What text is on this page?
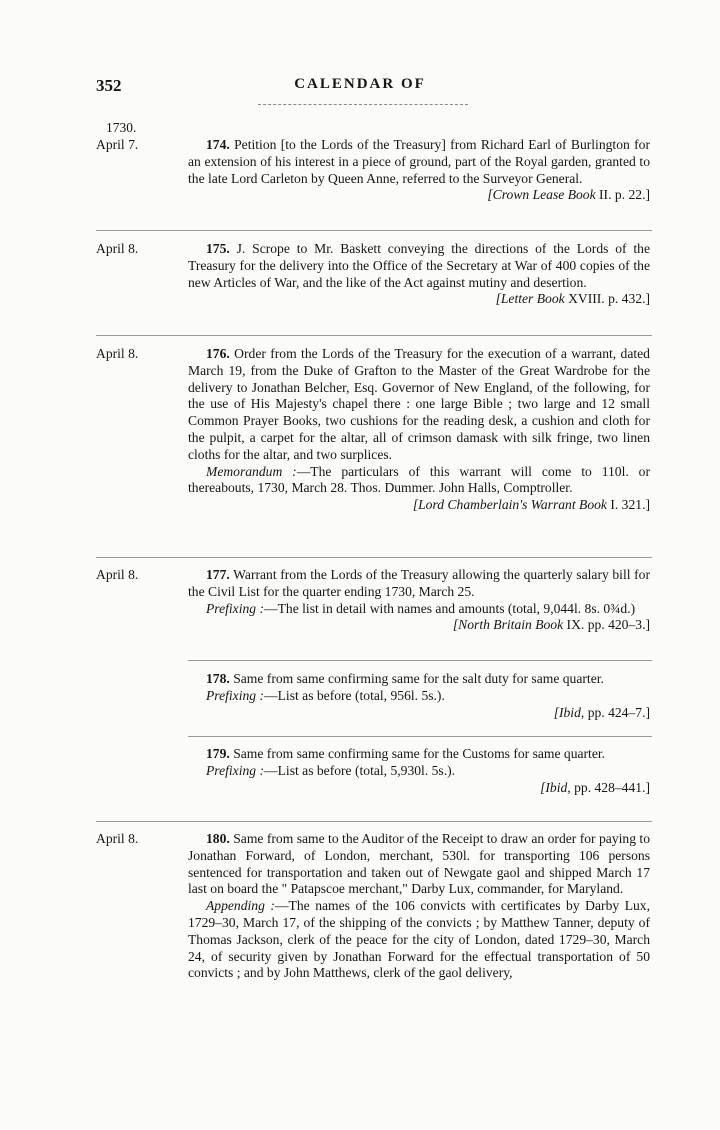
352	CALENDAR OF
1730.
April 7.	174. Petition [to the Lords of the Treasury] from Richard Earl of Burlington for an extension of his interest in a piece of ground, part of the Royal garden, granted to the late Lord Carleton by Queen Anne, referred to the Surveyor General.

[Crown Lease Book II. p. 22.]
April 8.	175. J. Scrope to Mr. Baskett conveying the directions of the Lords of the Treasury for the delivery into the Office of the Secretary at War of 400 copies of the new Articles of War, and the like of the Act against mutiny and desertion.

[Letter Book XVIII. p. 432.]
April 8.	176. Order from the Lords of the Treasury for the execution of a warrant, dated March 19, from the Duke of Grafton to the Master of the Great Wardrobe for the delivery to Jonathan Belcher, Esq. Governor of New England, of the following, for the use of His Majesty's chapel there : one large Bible ; two large and 12 small Common Prayer Books, two cushions for the reading desk, a cushion and cloth for the pulpit, a carpet for the altar, all of crimson damask with silk fringe, two linen cloths for the altar, and two surplices.

Memorandum :—The particulars of this warrant will come to 110l. or thereabouts, 1730, March 28. Thos. Dummer. John Halls, Comptroller.

[Lord Chamberlain's Warrant Book I. 321.]
April 8.	177. Warrant from the Lords of the Treasury allowing the quarterly salary bill for the Civil List for the quarter ending 1730, March 25.

Prefixing :—The list in detail with names and amounts (total, 9,044l. 8s. 0¾d.)

[North Britain Book IX. pp. 420–3.]

178. Same from same confirming same for the salt duty for same quarter.

Prefixing :—List as before (total, 956l. 5s.).

[Ibid, pp. 424–7.]

179. Same from same confirming same for the Customs for same quarter.

Prefixing :—List as before (total, 5,930l. 5s.).

[Ibid, pp. 428–441.]
April 8.	180. Same from same to the Auditor of the Receipt to draw an order for paying to Jonathan Forward, of London, merchant, 530l. for transporting 106 persons sentenced for transportation and taken out of Newgate gaol and shipped March 17 last on board the " Patapscoe merchant," Darby Lux, commander, for Maryland.

Appending :—The names of the 106 convicts with certificates by Darby Lux, 1729–30, March 17, of the shipping of the convicts ; by Matthew Tanner, deputy of Thomas Jackson, clerk of the peace for the city of London, dated 1729–30, March 24, of security given by Jonathan Forward for the effectual transportation of 50 convicts ; and by John Matthews, clerk of the gaol delivery,
